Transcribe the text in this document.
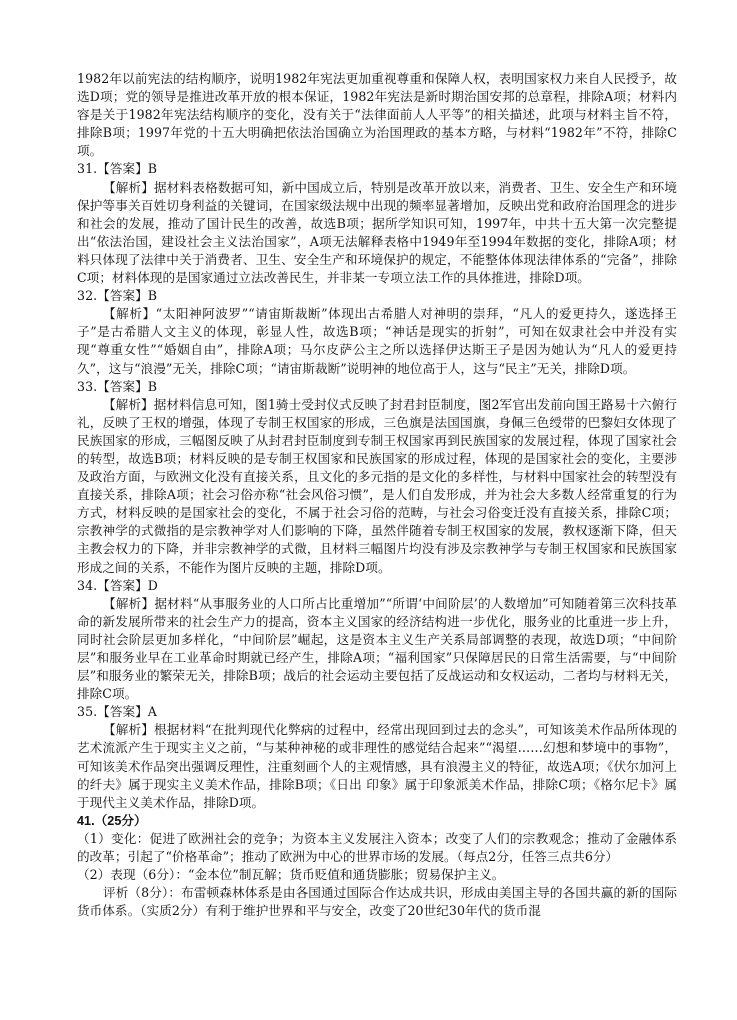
1982年以前宪法的结构顺序，说明1982年宪法更加重视尊重和保障人权，表明国家权力来自人民授予，故选D项；党的领导是推进改革开放的根本保证，1982年宪法是新时期治国安邦的总章程，排除A项；材料内容是关于1982年宪法结构顺序的变化，没有关于“法律面前人人平等”的相关描述，此项与材料主旨不符，排除B项；1997年党的十五大明确把依法治国确立为治国理政的基本方略，与材料“1982年”不符，排除C项。

31.【答案】B

【解析】据材料表格数据可知，新中国成立后，特别是改革开放以来，消费者、卫生、安全生产和环境保护等事关百姓切身利益的关键词，在国家级法规中出现的频率显著增加，反映出党和政府治国理念的进步和社会的发展，推动了国计民生的改善，故选B项；据所学知识可知，1997年，中共十五大第一次完整提出“依法治国，建设社会主义法治国家”，A项无法解释表格中1949年至1994年数据的变化，排除A项；材料只体现了法律中关于消费者、卫生、安全生产和环境保护的规定，不能整体体现法律体系的“完备”，排除C项；材料体现的是国家通过立法改善民生，并非某一专项立法工作的具体推进，排除D项。

32.【答案】B

【解析】“太阳神阿波罗”“请宙斯裁断”体现出古希腊人对神明的崇拜，“凡人的爱更持久，遂选择王子”是古希腊人文主义的体现，彰显人性，故选B项；“神话是现实的折射”，可知在奴隶社会中并没有实现“尊重女性”“婚姻自由”，排除A项；马尔皮萨公主之所以选择伊达斯王子是因为她认为“凡人的爱更持久”，这与“浪漫”无关，排除C项；“请宙斯裁断”说明神的地位高于人，这与“民主”无关，排除D项。

33.【答案】B

【解析】据材料信息可知，图1骑士受封仪式反映了封君封臣制度，图2军官出发前向国王路易十六俯行礼，反映了王权的增强，体现了专制王权国家的形成，三色旗是法国国旗，身佩三色绶带的巴黎妇女体现了民族国家的形成，三幅图反映了从封君封臣制度到专制王权国家再到民族国家的发展过程，体现了国家社会的转型，故选B项；材料反映的是专制王权国家和民族国家的形成过程，体现的是国家社会的变化，主要涉及政治方面，与欧洲文化没有直接关系，且文化的多元指的是文化的多样性，与材料中国家社会的转型没有直接关系，排除A项；社会习俗亦称“社会风俗习惯”，是人们自发形成，并为社会大多数人经常重复的行为方式，材料反映的是国家社会的变化，不属于社会习俗的范畴，与社会习俗变迁没有直接关系，排除C项；宗教神学的式微指的是宗教神学对人们影响的下降，虽然伴随着专制王权国家的发展，教权逐渐下降，但天主教会权力的下降，并非宗教神学的式微，且材料三幅图片均没有涉及宗教神学与专制王权国家和民族国家形成之间的关系，不能作为图片反映的主题，排除D项。

34.【答案】D

【解析】据材料“从事服务业的人口所占比重增加”“所谓‘中间阶层’的人数增加”可知随着第三次科技革命的新发展所带来的社会生产力的提高，资本主义国家的经济结构进一步优化，服务业的比重进一步上升，同时社会阶层更加多样化，“中间阶层”崛起，这是资本主义生产关系局部调整的表现，故选D项；“中间阶层”和服务业早在工业革命时期就已经产生，排除A项；“福利国家”只保障居民的日常生活需要，与“中间阶层”和服务业的繁荣无关，排除B项；战后的社会运动主要包括了反战运动和女权运动，二者均与材料无关，排除C项。

35.【答案】A

【解析】根据材料“在批判现代化弊病的过程中，经常出现回到过去的念头”，可知该美术作品所体现的艺术流派产生于现实主义之前，“与某种神秘的或非理性的感觉结合起来”“渴望……幻想和梦境中的事物”，可知该美术作品突出强调反理性，注重刻画个人的主观情感，具有浪漫主义的特征，故选A项；《伏尔加河上的纤夫》属于现实主义美术作品，排除B项；《日出 印象》属于印象派美术作品，排除C项；《格尔尼卡》属于现代主义美术作品，排除D项。

41.（25分）

（1）变化：促进了欧洲社会的竞争；为资本主义发展注入资本；改变了人们的宗教观念；推动了金融体系的改革；引起了“价格革命”；推动了欧洲为中心的世界市场的发展。（每点2分，任答三点共6分）

（2）表现（6分）：“金本位”制瓦解；货币贬值和通货膨胀；贸易保护主义。

评析（8分）：布雷顿森林体系是由各国通过国际合作达成共识，形成由美国主导的各国共赢的新的国际货币体系。（实质2分）有利于维护世界和平与安全，改变了20世纪30年代的货币混
